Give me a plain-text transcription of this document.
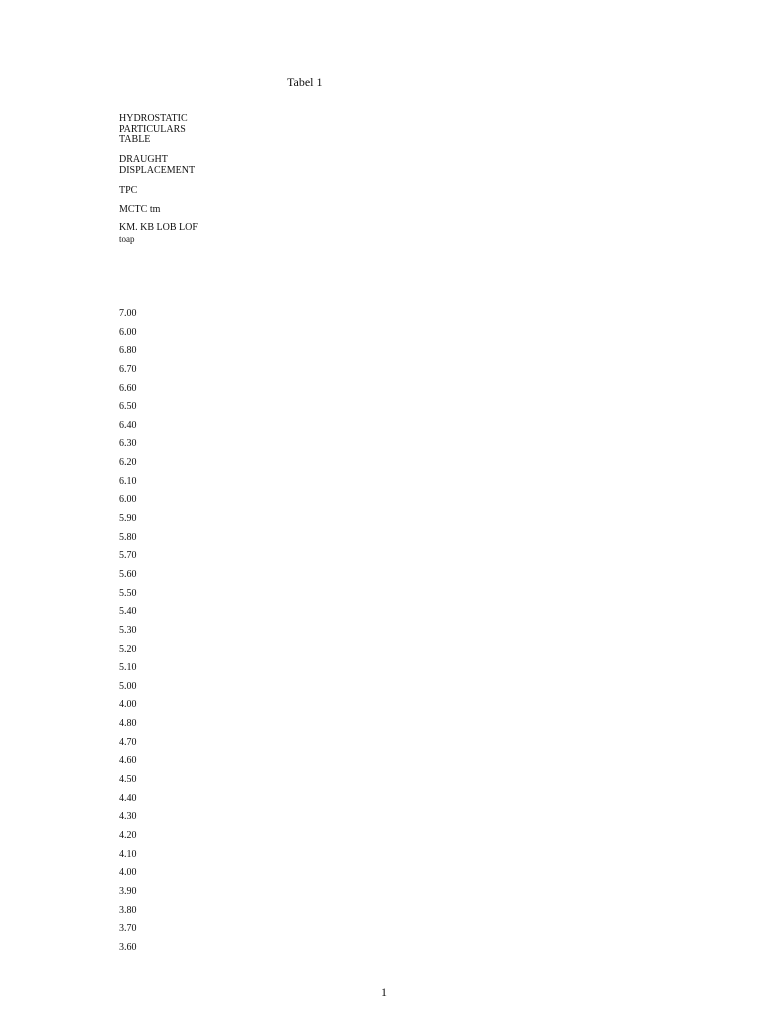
Tabel 1
HYDROSTATIC
PARTICULARS
TABLE
DRAUGHT
DISPLACEMENT
TPC
MCTC tm
KM. KB LOB LOF
toap
7.00
6.00
6.80
6.70
6.60
6.50
6.40
6.30
6.20
6.10
6.00
5.90
5.80
5.70
5.60
5.50
5.40
5.30
5.20
5.10
5.00
4.00
4.80
4.70
4.60
4.50
4.40
4.30
4.20
4.10
4.00
3.90
3.80
3.70
3.60
1
